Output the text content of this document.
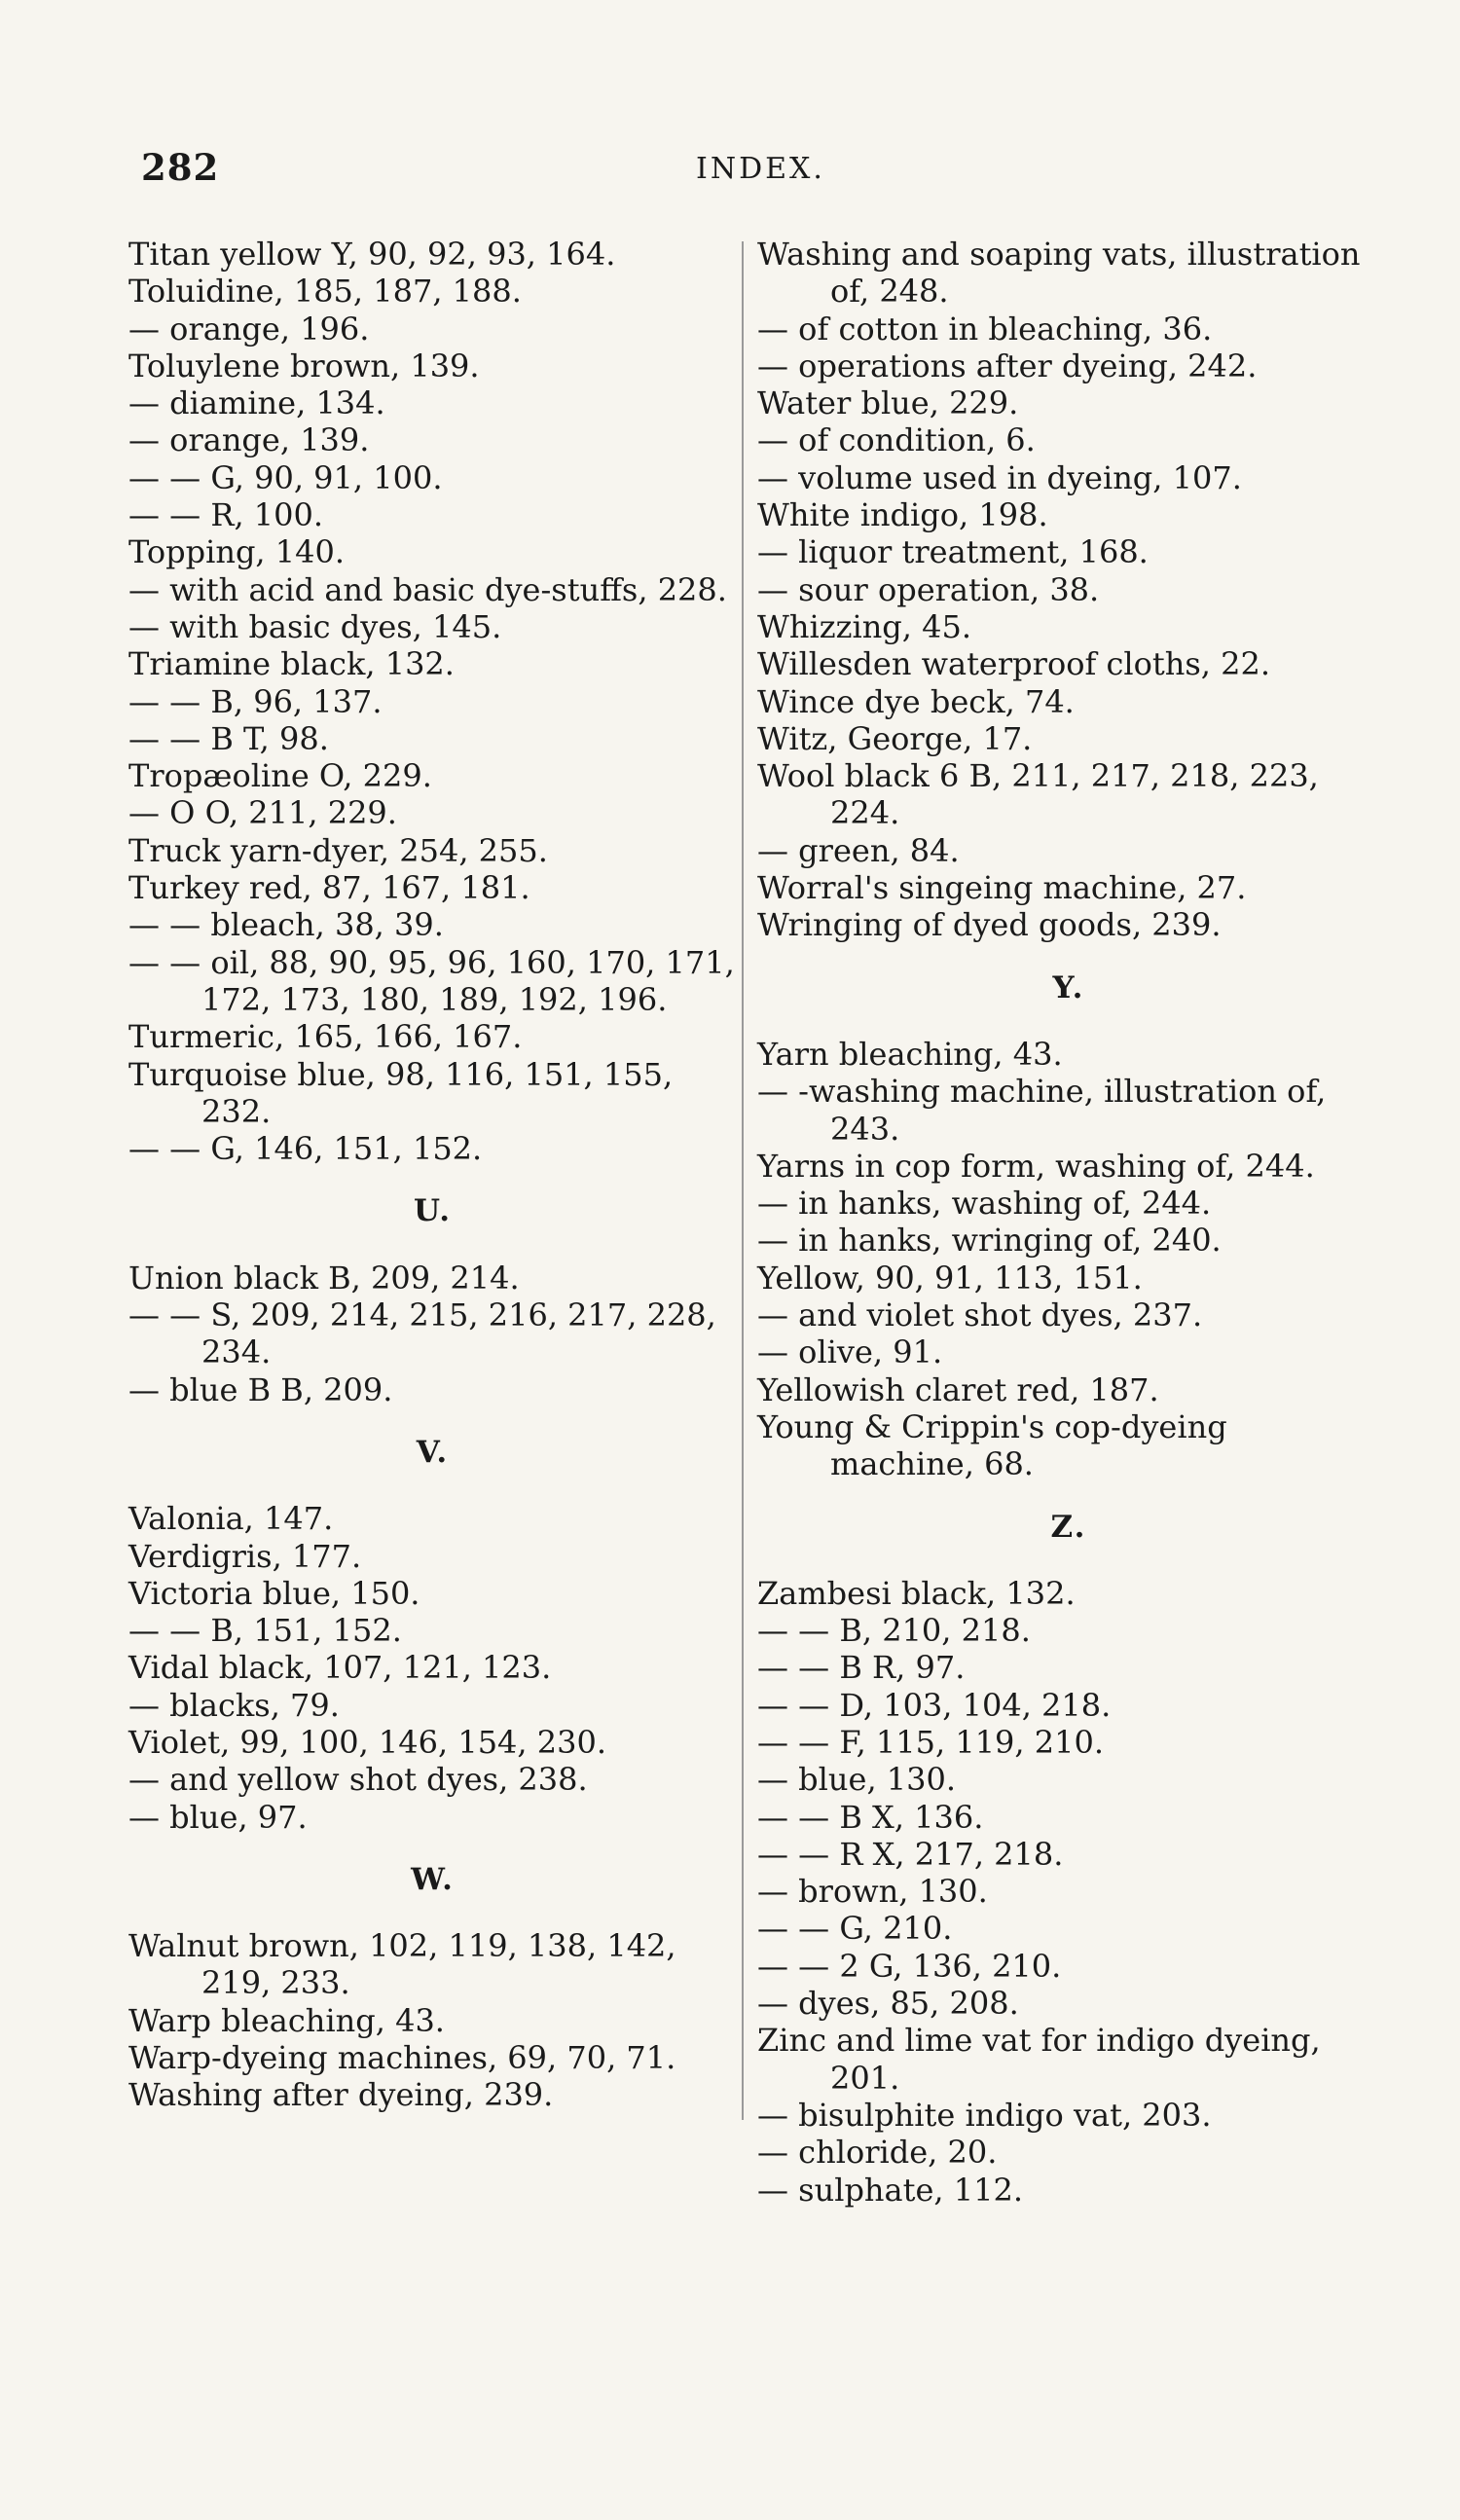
282	INDEX.

Titan yellow Y, 90, 92, 93, 164.

Toluidine, 185, 187, 188.

— orange, 196.

Toluylene brown, 139.

— diamine, 134.

— orange, 139.

— — G, 90, 91, 100.

— — R, 100.

Topping, 140.

— with acid and basic dye-stuffs, 228.

— with basic dyes, 145.

Triamine black, 132.

— — B, 96, 137.

— — B T, 98.

Tropæoline O, 229.

— O O, 211, 229.

Truck yarn-dyer, 254, 255.

Turkey red, 87, 167, 181.

— — bleach, 38, 39.

— — oil, 88, 90, 95, 96, 160, 170, 171, 172, 173, 180, 189, 192, 196.

Turmeric, 165, 166, 167.

Turquoise blue, 98, 116, 151, 155, 232.

— — G, 146, 151, 152.

U.

Union black B, 209, 214.

— — S, 209, 214, 215, 216, 217, 228, 234.

— blue B B, 209.

V.

Valonia, 147.

Verdigris, 177.

Victoria blue, 150.

— — B, 151, 152.

Vidal black, 107, 121, 123.

— blacks, 79.

Violet, 99, 100, 146, 154, 230.

— and yellow shot dyes, 238.

— blue, 97.

W.

Walnut brown, 102, 119, 138, 142, 219, 233.

Warp bleaching, 43.

Warp-dyeing machines, 69, 70, 71.

Washing after dyeing, 239.

Washing and soaping vats, illustration of, 248.

— of cotton in bleaching, 36.

— operations after dyeing, 242.

Water blue, 229.

— of condition, 6.

— volume used in dyeing, 107.

White indigo, 198.

— liquor treatment, 168.

— sour operation, 38.

Whizzing, 45.

Willesden waterproof cloths, 22.

Wince dye beck, 74.

Witz, George, 17.

Wool black 6 B, 211, 217, 218, 223, 224.

— green, 84.

Worral's singeing machine, 27.

Wringing of dyed goods, 239.

Y.

Yarn bleaching, 43.

— -washing machine, illustration of, 243.

Yarns in cop form, washing of, 244.

— in hanks, washing of, 244.

— in hanks, wringing of, 240.

Yellow, 90, 91, 113, 151.

— and violet shot dyes, 237.

— olive, 91.

Yellowish claret red, 187.

Young & Crippin's cop-dyeing machine, 68.

Z.

Zambesi black, 132.

— — B, 210, 218.

— — B R, 97.

— — D, 103, 104, 218.

— — F, 115, 119, 210.

— blue, 130.

— — B X, 136.

— — R X, 217, 218.

— brown, 130.

— — G, 210.

— — 2 G, 136, 210.

— dyes, 85, 208.

Zinc and lime vat for indigo dyeing, 201.

— bisulphite indigo vat, 203.

— chloride, 20.

— sulphate, 112.
